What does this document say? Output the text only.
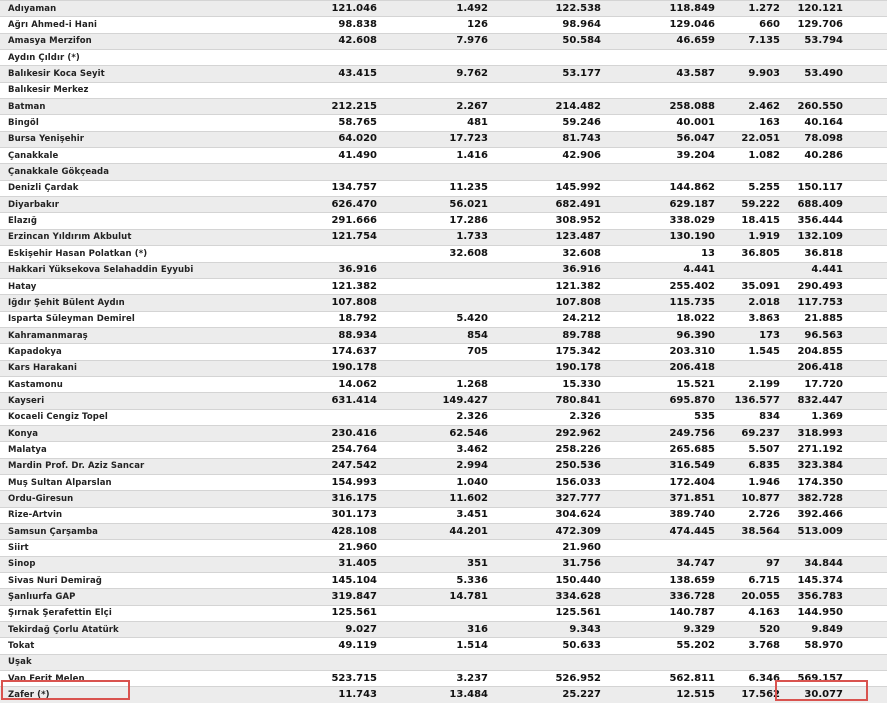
Adıyaman	121.046	1.492	122.538	118.849	1.272	120.121
Ağrı Ahmed-i Hani	98.838	126	98.964	129.046	660	129.706
Amasya Merzifon	42.608	7.976	50.584	46.659	7.135	53.794
Aydın Çıldır (*)						
Balıkesir Koca Seyit	43.415	9.762	53.177	43.587	9.903	53.490
Balıkesir Merkez						
Batman	212.215	2.267	214.482	258.088	2.462	260.550
Bingöl	58.765	481	59.246	40.001	163	40.164
Bursa Yenişehir	64.020	17.723	81.743	56.047	22.051	78.098
Çanakkale	41.490	1.416	42.906	39.204	1.082	40.286
Çanakkale Gökçeada						
Denizli Çardak	134.757	11.235	145.992	144.862	5.255	150.117
Diyarbakır	626.470	56.021	682.491	629.187	59.222	688.409
Elazığ	291.666	17.286	308.952	338.029	18.415	356.444
Erzincan Yıldırım Akbulut	121.754	1.733	123.487	130.190	1.919	132.109
Eskişehir Hasan Polatkan (*)		32.608	32.608	13	36.805	36.818
Hakkari Yüksekova Selahaddin Eyyubi	36.916		36.916	4.441		4.441
Hatay	121.382		121.382	255.402	35.091	290.493
Iğdır Şehit Bülent Aydın	107.808		107.808	115.735	2.018	117.753
Isparta Süleyman Demirel	18.792	5.420	24.212	18.022	3.863	21.885
Kahramanmaraş	88.934	854	89.788	96.390	173	96.563
Kapadokya	174.637	705	175.342	203.310	1.545	204.855
Kars Harakani	190.178		190.178	206.418		206.418
Kastamonu	14.062	1.268	15.330	15.521	2.199	17.720
Kayseri	631.414	149.427	780.841	695.870	136.577	832.447
Kocaeli Cengiz Topel		2.326	2.326	535	834	1.369
Konya	230.416	62.546	292.962	249.756	69.237	318.993
Malatya	254.764	3.462	258.226	265.685	5.507	271.192
Mardin Prof. Dr. Aziz Sancar	247.542	2.994	250.536	316.549	6.835	323.384
Muş Sultan Alparslan	154.993	1.040	156.033	172.404	1.946	174.350
Ordu-Giresun	316.175	11.602	327.777	371.851	10.877	382.728
Rize-Artvin	301.173	3.451	304.624	389.740	2.726	392.466
Samsun Çarşamba	428.108	44.201	472.309	474.445	38.564	513.009
Siirt	21.960		21.960			
Sinop	31.405	351	31.756	34.747	97	34.844
Sivas Nuri Demirağ	145.104	5.336	150.440	138.659	6.715	145.374
Şanlıurfa GAP	319.847	14.781	334.628	336.728	20.055	356.783
Şırnak Şerafettin Elçi	125.561		125.561	140.787	4.163	144.950
Tekirdağ Çorlu Atatürk	9.027	316	9.343	9.329	520	9.849
Tokat	49.119	1.514	50.633	55.202	3.768	58.970
Uşak						
Van Ferit Melen	523.715	3.237	526.952	562.811	6.346	569.157
Zafer (*)	11.743	13.484	25.227	12.515	17.562	30.077
